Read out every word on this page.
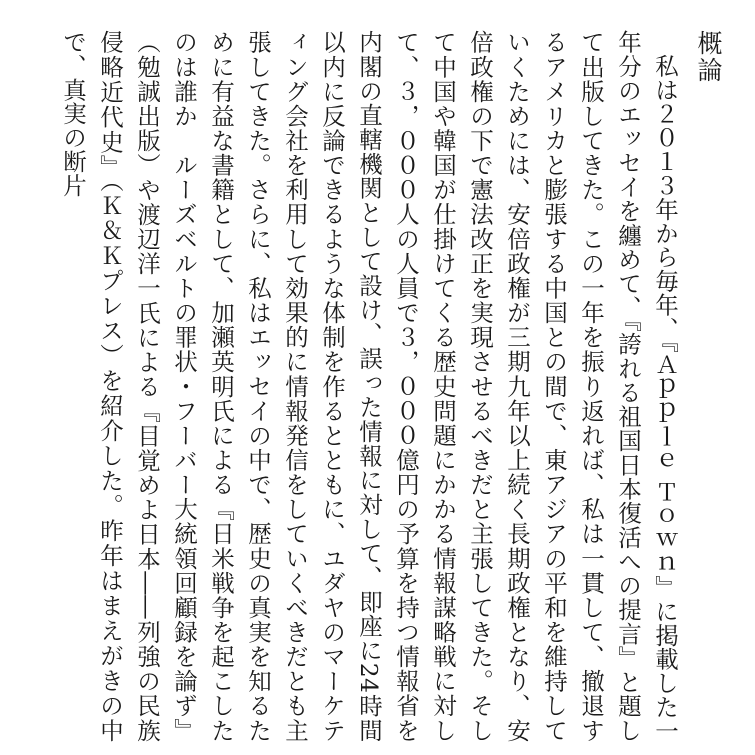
概論

私は２０１３年から毎年、『Ａｐｐｌｅ Ｔｏｗｎ』に掲載した一年分のエッセイを纏めて、『誇れる祖国日本復活への提言』と題して出版してきた。この一年を振り返れば、私は一貫して、撤退するアメリカと膨張する中国との間で、東アジアの平和を維持していくためには、安倍政権が三期九年以上続く長期政権となり、安倍政権の下で憲法改正を実現させるべきだと主張してきた。そして中国や韓国が仕掛けてくる歴史問題にかかる情報謀略戦に対して、３，０００人の人員で３，０００億円の予算を持つ情報省を内閣の直轄機関として設け、誤った情報に対して、即座に24時間以内に反論できるような体制を作るとともに、ユダヤのマーケティング会社を利用して効果的に情報発信をしていくべきだとも主張してきた。さらに、私はエッセイの中で、歴史の真実を知るために有益な書籍として、加瀬英明氏による『日米戦争を起こしたのは誰か　ルーズベルトの罪状・フーバー大統領回顧録を論ず』（勉誠出版）や渡辺洋一氏による『目覚めよ日本――列強の民族侵略近代史』（Ｋ＆Ｋプレス）を紹介した。昨年はまえがきの中で、真実の断片
